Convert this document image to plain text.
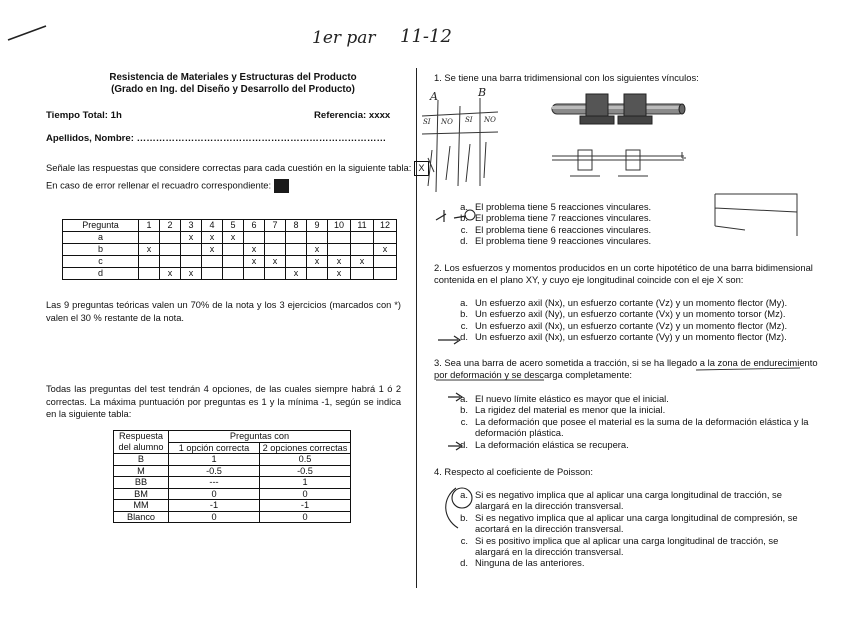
1er par 11-12
Resistencia de Materiales y Estructuras del Producto
(Grado en Ing. del Diseño y Desarrollo del Producto)
Tiempo Total: 1h	Referencia: xxxx
Apellidos, Nombre: ……………………………………………………………………
Señale las respuestas que considere correctas para cada cuestión en la siguiente tabla: X
En caso de error rellenar el recuadro correspondiente:
Pregunta	1	2	3	4	5	6	7	8	9	10	11	12
a			x	x	x							
b	x			x		x			x			x
c						x	x		x	x	x	
d		x	x					x		x		
Las 9 preguntas teóricas valen un 70% de la nota y los 3 ejercicios (marcados con *) valen el 30 % restante de la nota.
Todas las preguntas del test tendrán 4 opciones, de las cuales siempre habrá 1 ó 2 correctas. La máxima puntuación por preguntas es 1 y la mínima -1, según se indica en la siguiente tabla:
Respuesta	Preguntas con	
del alumno	1 opción correcta	2 opciones correctas
B	1	0.5
M	-0.5	-0.5
BB	---	1
BM	0	0
MM	-1	-1
Blanco	0	0
1. Se tiene una barra tridimensional con los siguientes vínculos:
A	B
SI NO SI NO
a. El problema tiene 5 reacciones vinculares.
b. El problema tiene 7 reacciones vinculares.
c. El problema tiene 6 reacciones vinculares.
d. El problema tiene 9 reacciones vinculares.
2. Los esfuerzos y momentos producidos en un corte hipotético de una barra bidimensional
contenida en el plano XY, y cuyo eje longitudinal coincide con el eje X son:
a. Un esfuerzo axil (Nx), un esfuerzo cortante (Vz) y un momento flector (My).
b. Un esfuerzo axil (Ny), un esfuerzo cortante (Vx) y un momento torsor (Mz).
c. Un esfuerzo axil (Nx), un esfuerzo cortante (Vz) y un momento flector (Mz).
d. Un esfuerzo axil (Nx), un esfuerzo cortante (Vy) y un momento flector (Mz).
3. Sea una barra de acero sometida a tracción, si se ha llegado a la zona de endurecimiento
por deformación y se descarga completamente:
a. El nuevo límite elástico es mayor que el inicial.
b. La rigidez del material es menor que la inicial.
c. La deformación que posee el material es la suma de la deformación elástica y la
deformación plástica.
d. La deformación elástica se recupera.
4. Respecto al coeficiente de Poisson:
a. Si es negativo implica que al aplicar una carga longitudinal de tracción, se
alargará en la dirección transversal.
b. Si es negativo implica que al aplicar una carga longitudinal de compresión, se
acortará en la dirección transversal.
c. Si es positivo implica que al aplicar una carga longitudinal de tracción, se
alargará en la dirección transversal.
d. Ninguna de las anteriores.
